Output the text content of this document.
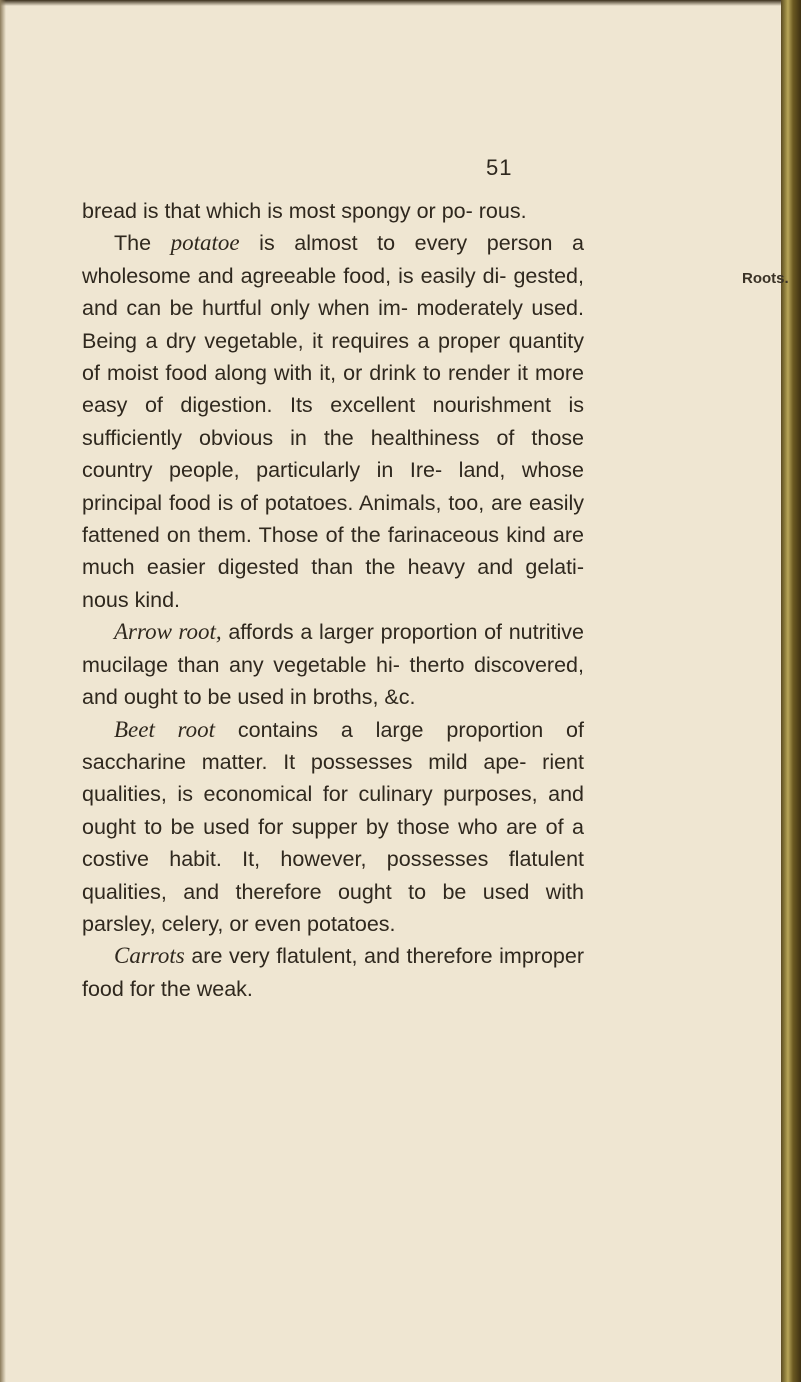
51
Roots.

bread is that which is most spongy or po- rous.

The potatoe is almost to every person a wholesome and agreeable food, is easily di- gested, and can be hurtful only when im- moderately used. Being a dry vegetable, it requires a proper quantity of moist food along with it, or drink to render it more easy of digestion. Its excellent nourishment is sufficiently obvious in the healthiness of those country people, particularly in Ire- land, whose principal food is of potatoes. Animals, too, are easily fattened on them. Those of the farinaceous kind are much easier digested than the heavy and gelati- nous kind.

Arrow root, affords a larger proportion of nutritive mucilage than any vegetable hi- therto discovered, and ought to be used in broths, &c.

Beet root contains a large proportion of saccharine matter. It possesses mild ape- rient qualities, is economical for culinary purposes, and ought to be used for supper by those who are of a costive habit. It, however, possesses flatulent qualities, and therefore ought to be used with parsley, celery, or even potatoes.

Carrots are very flatulent, and therefore improper food for the weak.
